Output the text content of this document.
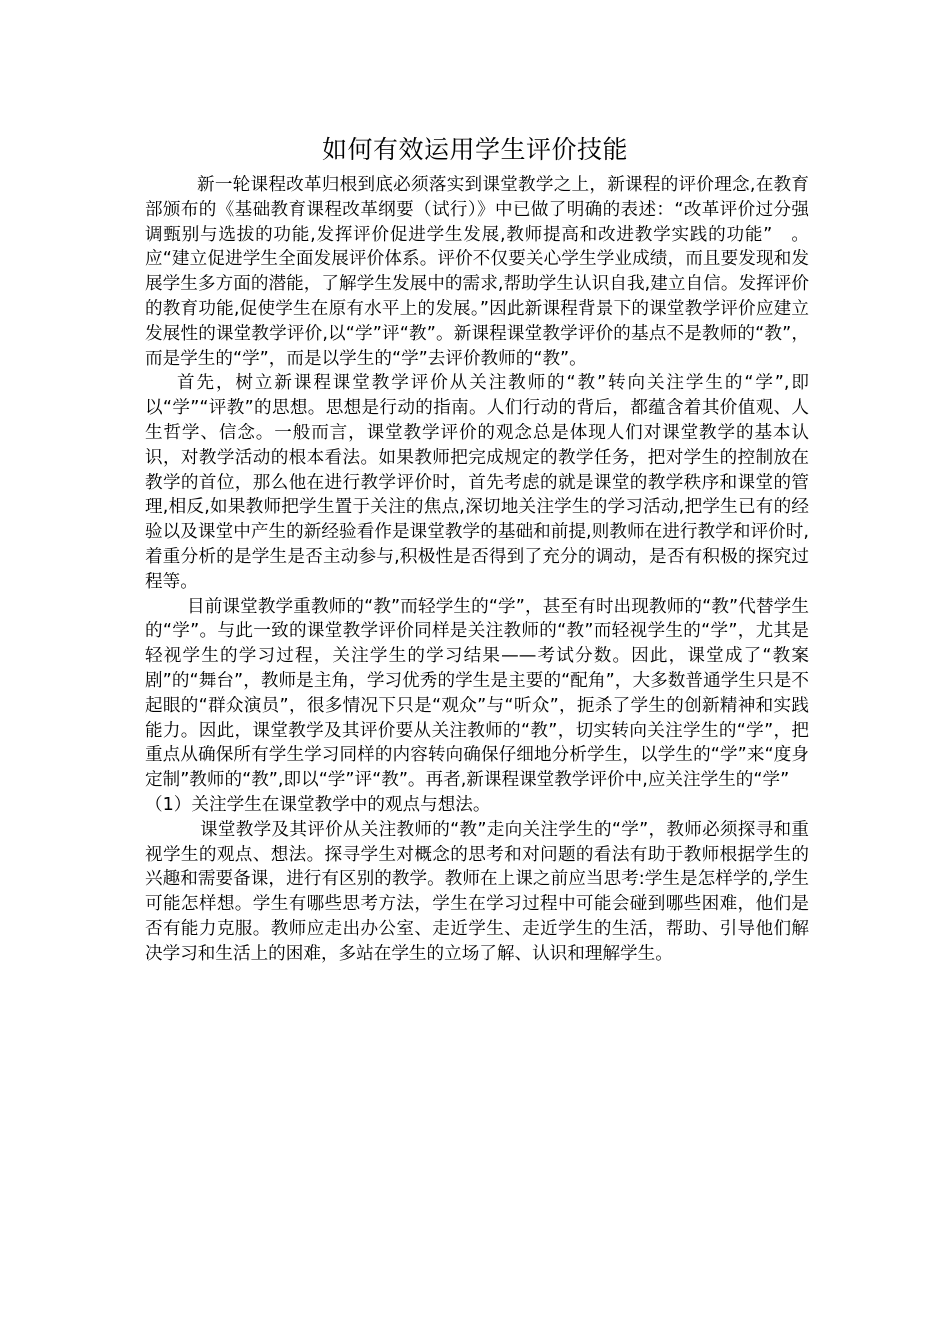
如何有效运用学生评价技能

新一轮课程改革归根到底必须落实到课堂教学之上，新课程的评价理念,在教育部颁布的《基础教育课程改革纲要（试行）》中已做了明确的表述：“改革评价过分强调甄别与选拔的功能,发挥评价促进学生发展,教师提高和改进教学实践的功能”　。应“建立促进学生全面发展评价体系。评价不仅要关心学生学业成绩，而且要发现和发展学生多方面的潜能，了解学生发展中的需求,帮助学生认识自我,建立自信。发挥评价的教育功能,促使学生在原有水平上的发展。”因此新课程背景下的课堂教学评价应建立发展性的课堂教学评价,以“学”评“教”。新课程课堂教学评价的基点不是教师的“教”，而是学生的“学”，而是以学生的“学”去评价教师的“教”。

首先，树立新课程课堂教学评价从关注教师的“教”转向关注学生的“学”,即以“学”“评教”的思想。思想是行动的指南。人们行动的背后，都蕴含着其价值观、人生哲学、信念。一般而言，课堂教学评价的观念总是体现人们对课堂教学的基本认识，对教学活动的根本看法。如果教师把完成规定的教学任务，把对学生的控制放在教学的首位，那么他在进行教学评价时，首先考虑的就是课堂的教学秩序和课堂的管理,相反,如果教师把学生置于关注的焦点,深切地关注学生的学习活动,把学生已有的经验以及课堂中产生的新经验看作是课堂教学的基础和前提,则教师在进行教学和评价时,着重分析的是学生是否主动参与,积极性是否得到了充分的调动，是否有积极的探究过程等。

目前课堂教学重教师的“教”而轻学生的“学”，甚至有时出现教师的“教”代替学生的“学”。与此一致的课堂教学评价同样是关注教师的“教”而轻视学生的“学”，尤其是轻视学生的学习过程，关注学生的学习结果——考试分数。因此，课堂成了“教案剧”的“舞台”，教师是主角，学习优秀的学生是主要的“配角”，大多数普通学生只是不起眼的“群众演员”，很多情况下只是“观众”与“听众”，扼杀了学生的创新精神和实践能力。因此，课堂教学及其评价要从关注教师的“教”，切实转向关注学生的“学”，把重点从确保所有学生学习同样的内容转向确保仔细地分析学生，以学生的“学”来“度身定制”教师的“教”,即以“学”评“教”。再者,新课程课堂教学评价中,应关注学生的“学”

（1）关注学生在课堂教学中的观点与想法。

课堂教学及其评价从关注教师的“教”走向关注学生的“学”，教师必须探寻和重视学生的观点、想法。探寻学生对概念的思考和对问题的看法有助于教师根据学生的兴趣和需要备课，进行有区别的教学。教师在上课之前应当思考:学生是怎样学的,学生可能怎样想。学生有哪些思考方法，学生在学习过程中可能会碰到哪些困难，他们是否有能力克服。教师应走出办公室、走近学生、走近学生的生活，帮助、引导他们解决学习和生活上的困难，多站在学生的立场了解、认识和理解学生。
